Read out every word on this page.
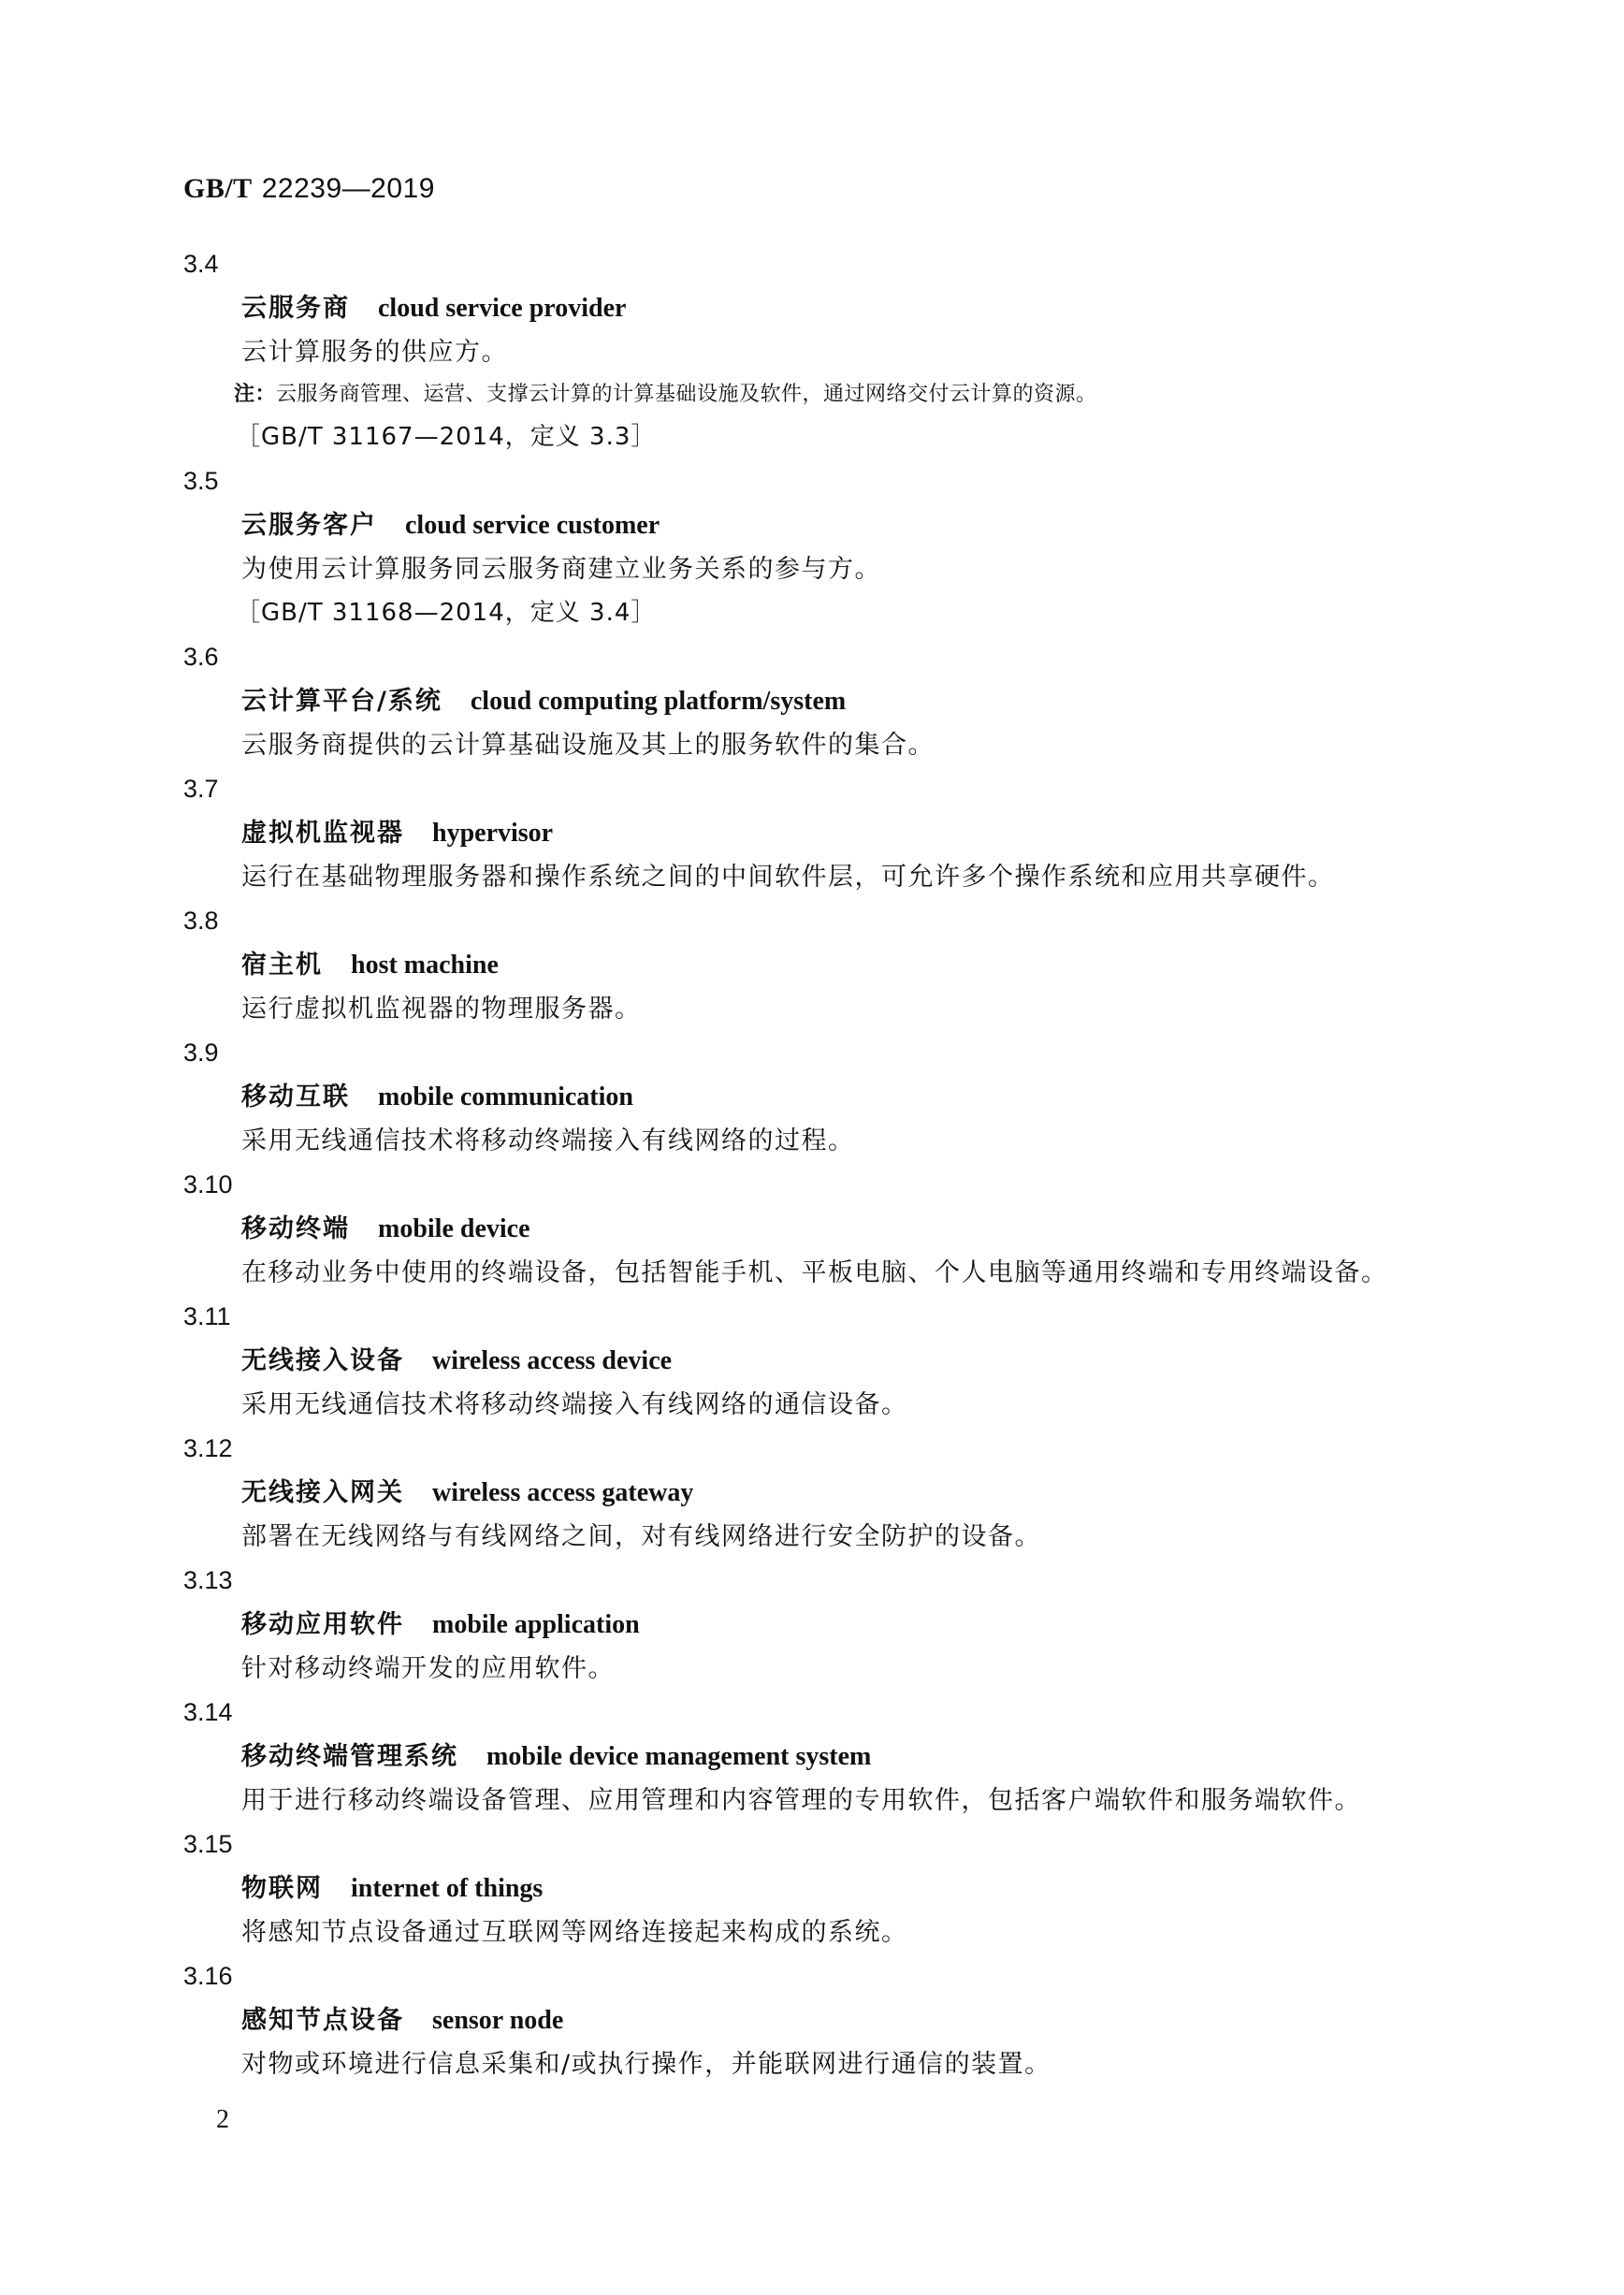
GB/T 22239—2019
3.4
云服务商 cloud service provider
云计算服务的供应方。
注：云服务商管理、运营、支撑云计算的计算基础设施及软件，通过网络交付云计算的资源。
［GB/T 31167—2014，定义 3.3］
3.5
云服务客户 cloud service customer
为使用云计算服务同云服务商建立业务关系的参与方。
［GB/T 31168—2014，定义 3.4］
3.6
云计算平台/系统 cloud computing platform/system
云服务商提供的云计算基础设施及其上的服务软件的集合。
3.7
虚拟机监视器 hypervisor
运行在基础物理服务器和操作系统之间的中间软件层，可允许多个操作系统和应用共享硬件。
3.8
宿主机 host machine
运行虚拟机监视器的物理服务器。
3.9
移动互联 mobile communication
采用无线通信技术将移动终端接入有线网络的过程。
3.10
移动终端 mobile device
在移动业务中使用的终端设备，包括智能手机、平板电脑、个人电脑等通用终端和专用终端设备。
3.11
无线接入设备 wireless access device
采用无线通信技术将移动终端接入有线网络的通信设备。
3.12
无线接入网关 wireless access gateway
部署在无线网络与有线网络之间，对有线网络进行安全防护的设备。
3.13
移动应用软件 mobile application
针对移动终端开发的应用软件。
3.14
移动终端管理系统 mobile device management system
用于进行移动终端设备管理、应用管理和内容管理的专用软件，包括客户端软件和服务端软件。
3.15
物联网 internet of things
将感知节点设备通过互联网等网络连接起来构成的系统。
3.16
感知节点设备 sensor node
对物或环境进行信息采集和/或执行操作，并能联网进行通信的装置。
2
